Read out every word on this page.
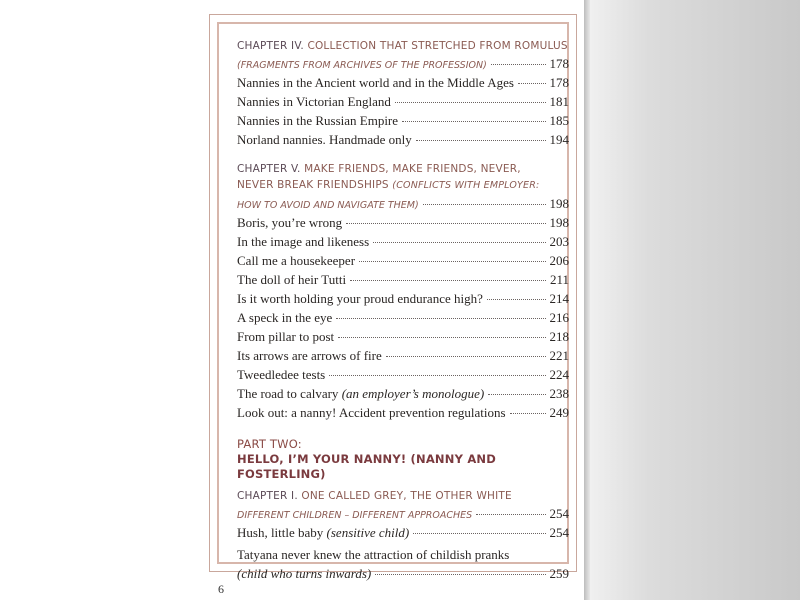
CHAPTER IV. COLLECTION THAT STRETCHED FROM ROMULUS
(FRAGMENTS FROM ARCHIVES OF THE PROFESSION)	178
Nannies in the Ancient world and in the Middle Ages	178
Nannies in Victorian England	181
Nannies in the Russian Empire	185
Norland nannies. Handmade only	194
CHAPTER V. MAKE FRIENDS, MAKE FRIENDS, NEVER,
NEVER BREAK FRIENDSHIPS (CONFLICTS WITH EMPLOYER:
HOW TO AVOID AND NAVIGATE THEM)	198
Boris, you’re wrong	198
In the image and likeness	203
Call me a housekeeper	206
The doll of heir Tutti	211
Is it worth holding your proud endurance high?	214
A speck in the eye	216
From pillar to post	218
Its arrows are arrows of fire	221
Tweedledee tests	224
The road to calvary (an employer’s monologue)	238
Look out: a nanny! Accident prevention regulations	249
PART TWO:
HELLO, I’M YOUR NANNY! (NANNY AND FOSTERLING)
CHAPTER I. ONE CALLED GREY, THE OTHER WHITE
DIFFERENT CHILDREN – DIFFERENT APPROACHES	254
Hush, little baby (sensitive child)	254
Tatyana never knew the attraction of childish pranks
(child who turns inwards)	259
6
